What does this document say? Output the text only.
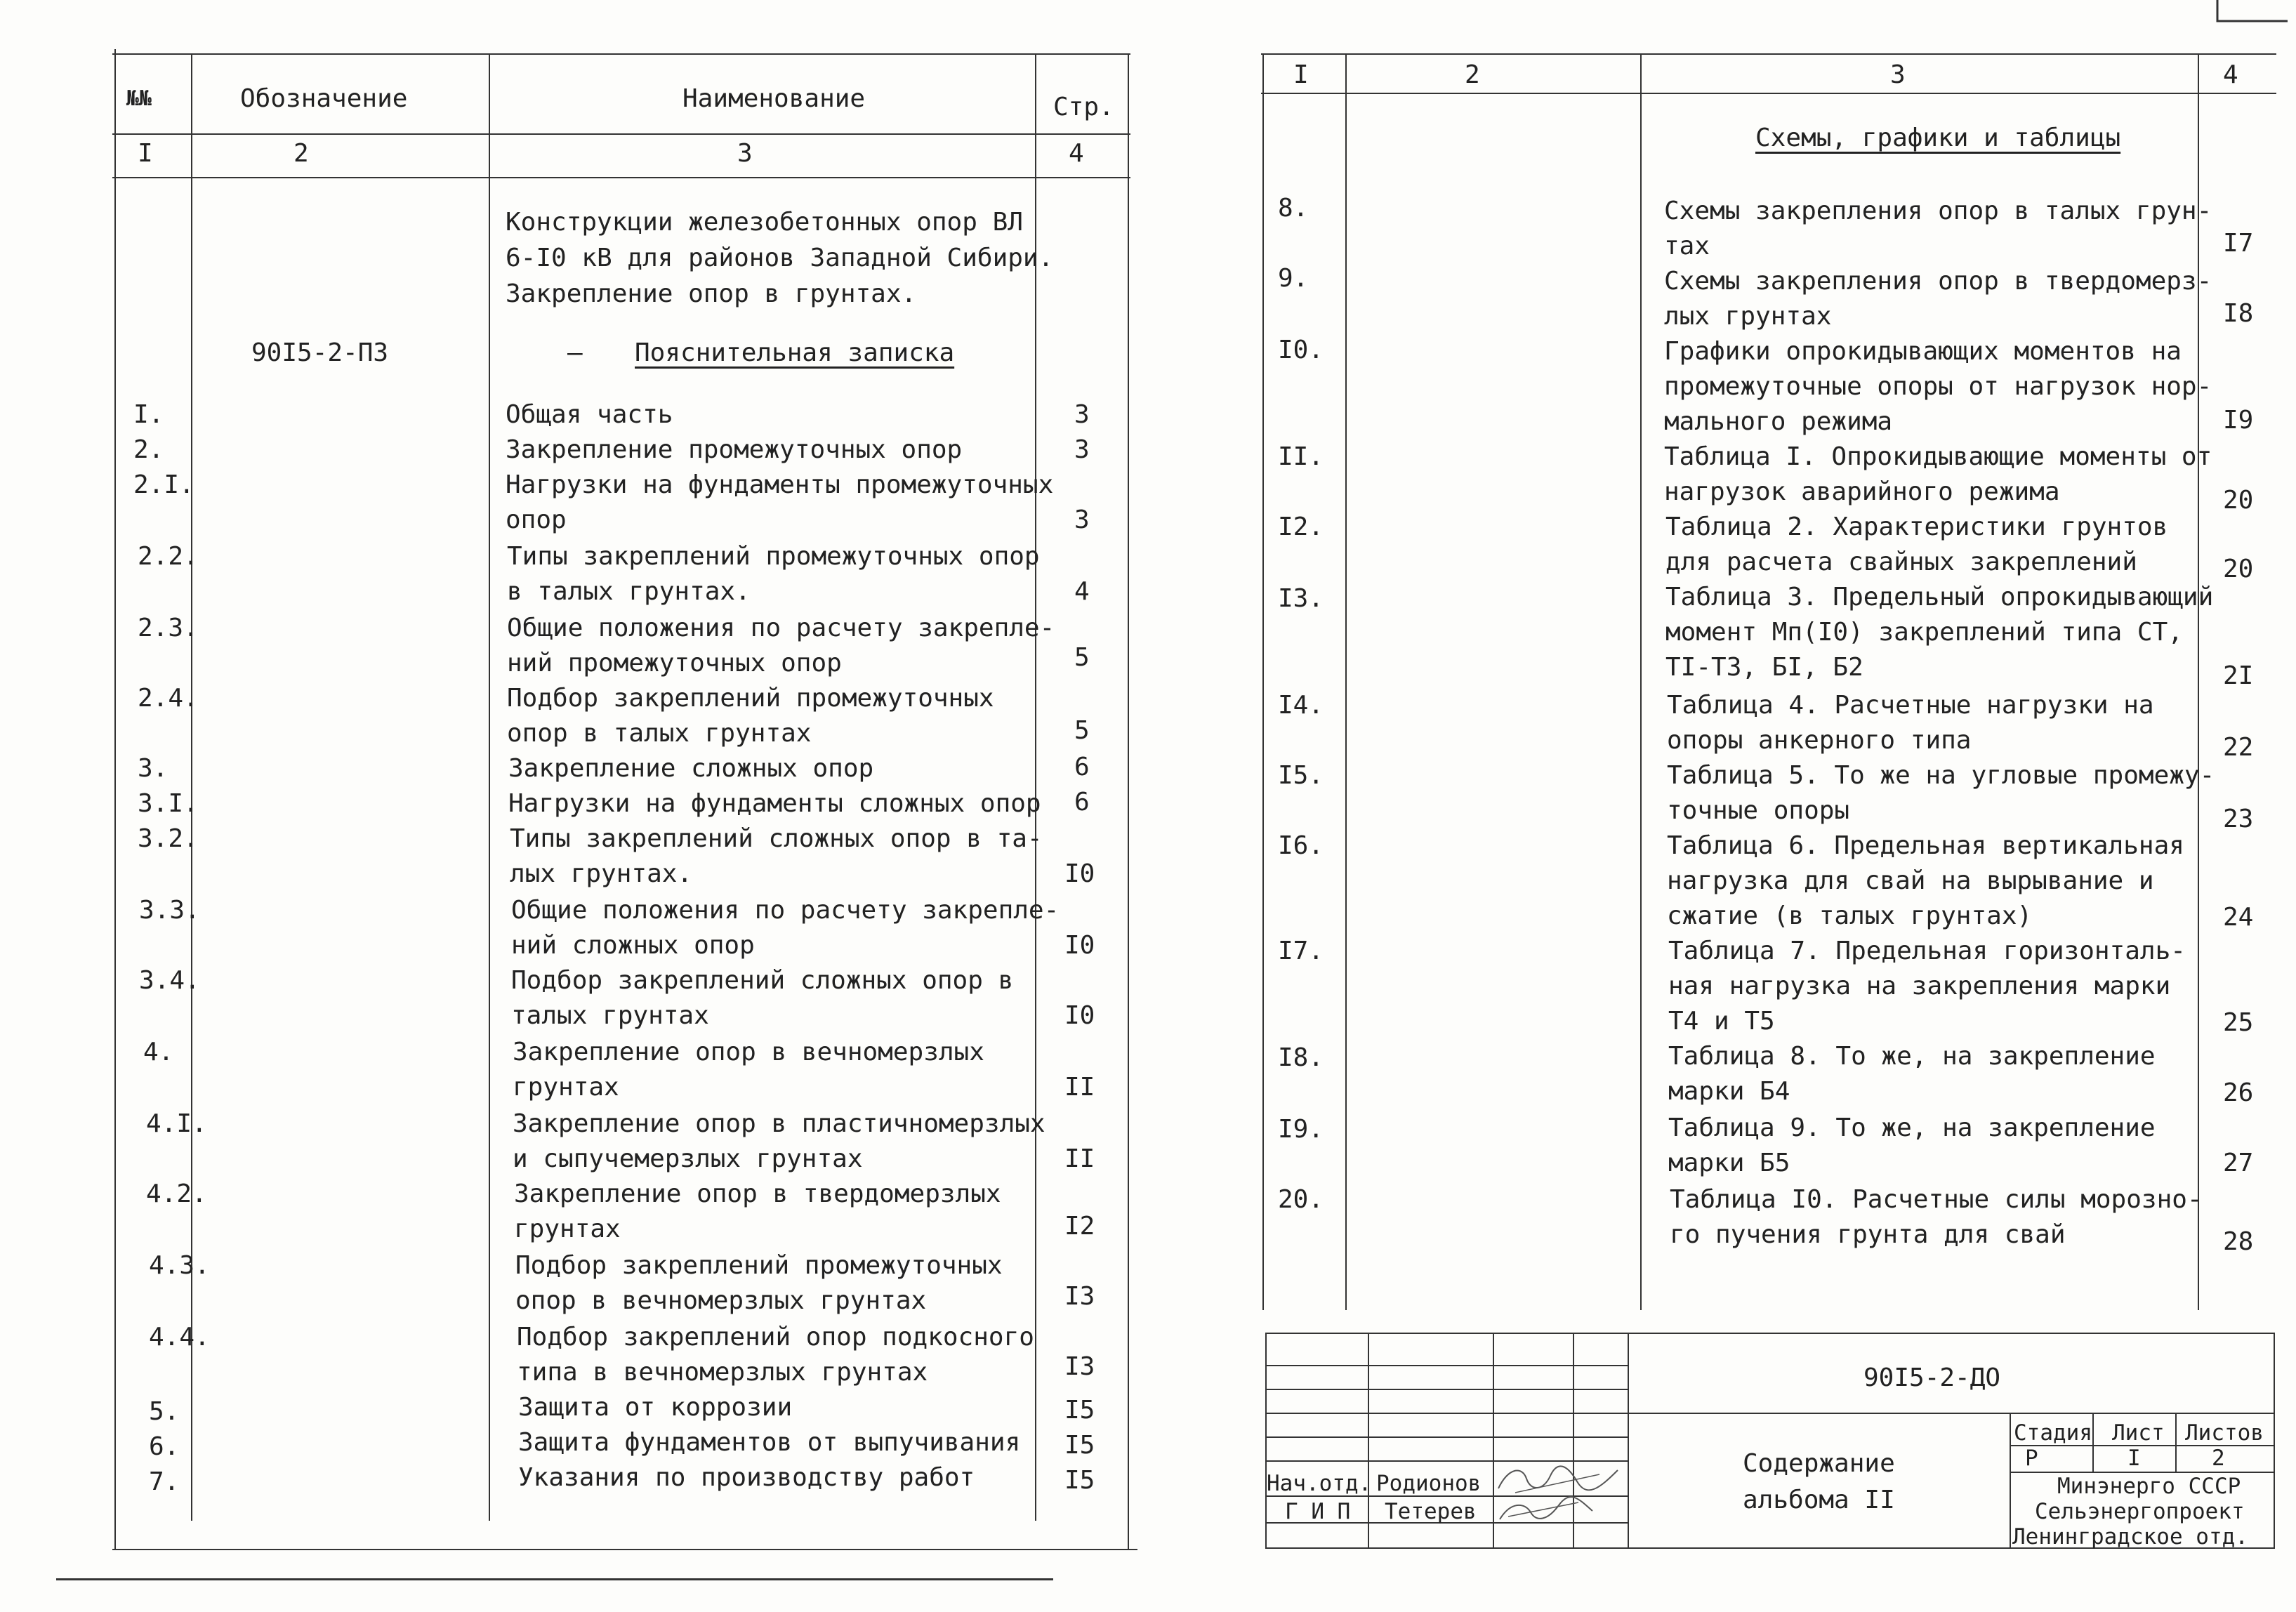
№№	Обозначение	Наименование	Стр.
I	2	3	4
Конструкции железобетонных опор ВЛ
6-I0 кВ для районов Западной Сибири.
Закрепление опор в грунтах.
90I5-2-ПЗ	– Пояснительная записка
I.	Общая часть	3
2.	Закрепление промежуточных опор	3
2.I.	Нагрузки на фундаменты промежуточных
опор	3
2.2.	Типы закреплений промежуточных опор
в талых грунтах.	4
2.3.	Общие положения по расчету закрепле-
ний промежуточных опор	5
2.4.	Подбор закреплений промежуточных
опор в талых грунтах	5
3.	Закрепление сложных опор	6
3.I.	Нагрузки на фундаменты сложных опор 6
3.2.	Типы закреплений сложных опор в та-
лых грунтах.	I0
3.3.	Общие положения по расчету закрепле-
ний сложных опор	I0
3.4.	Подбор закреплений сложных опор в
талых грунтах	I0
4.	Закрепление опор в вечномерзлых
грунтах	II
4.I.	Закрепление опор в пластичномерзлых
и сыпучемерзлых грунтах	II
4.2.	Закрепление опор в твердомерзлых
грунтах	I2
4.3.	Подбор закреплений промежуточных
опор в вечномерзлых грунтах	I3
4.4.	Подбор закреплений опор подкосного
типа в вечномерзлых грунтах	I3
5.	Защита от коррозии	I5
6.	Защита фундаментов от выпучивания I5
7.	Указания по производству работ	I5
I	2	3	4
Схемы, графики и таблицы
8.	Схемы закрепления опор в талых грун-
тах	I7
9.	Схемы закрепления опор в твердомерз-
лых грунтах	I8
I0.	Графики опрокидывающих моментов на
промежуточные опоры от нагрузок нор-
мального режима	I9
II.	Таблица I. Опрокидывающие моменты от
нагрузок аварийного режима	20
I2.	Таблица 2. Характеристики грунтов
для расчета свайных закреплений	20
I3.	Таблица 3. Предельный опрокидывающий
момент Мп(I0) закреплений типа СТ,
ТI-Т3, БI, Б2	2I
I4.	Таблица 4. Расчетные нагрузки на
опоры анкерного типа	22
I5.	Таблица 5. То же на угловые промежу-
точные опоры	23
I6.	Таблица 6. Предельная вертикальная
нагрузка для свай на вырывание и
сжатие (в талых грунтах)	24
I7.	Таблица 7. Предельная горизонталь-
ная нагрузка на закрепления марки
Т4 и Т5	25
I8.	Таблица 8. То же, на закрепление
марки Б4	26
I9.	Таблица 9. То же, на закрепление
марки Б5	27
20.	Таблица I0. Расчетные силы морозно-
го пучения грунта для свай	28
90I5-2-ДО
Содержание
альбома II
Стадия Лист Листов
Р	I	2
Минэнерго СССР
Сельэнергопроект
Ленинградское отд.
Нач.отд. Родионов
Г И П Тетерев
